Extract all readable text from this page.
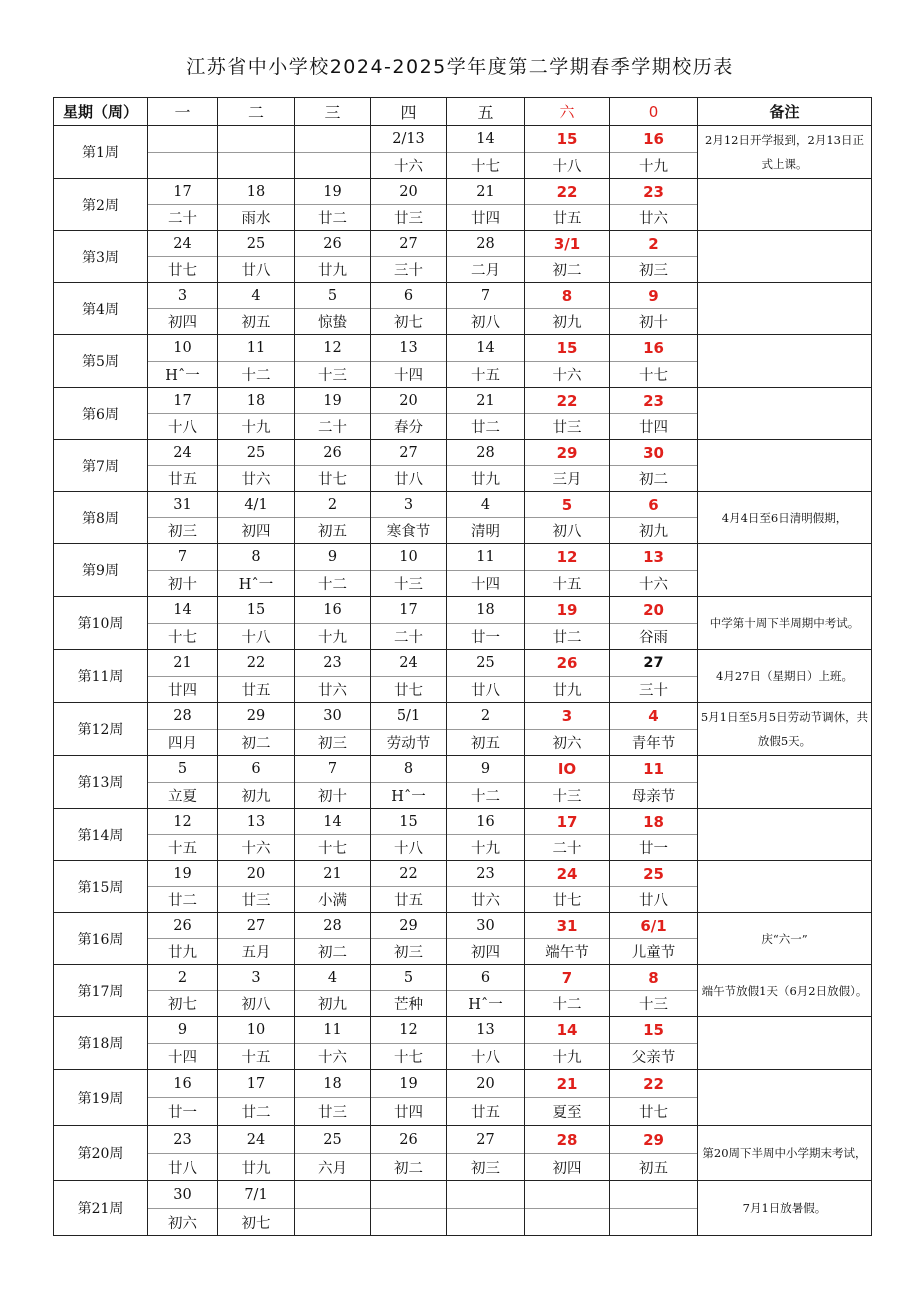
江苏省中小学校2024-2025学年度第二学期春季学期校历表
星期（周）	一	二	三	四	五	六	0	备注
第1周				2/13	14	15	16	2月12日开学报到，2月13日正式上课。
				十六	十七	十八	十九	
第2周	17	18	19	20	21	22	23	
	二十	雨水	廿二	廿三	廿四	廿五	廿六	
第3周	24	25	26	27	28	3/1	2	
	廿七	廿八	廿九	三十	二月	初二	初三	
第4周	3	4	5	6	7	8	9	
	初四	初五	惊蛰	初七	初八	初九	初十	
第5周	10	11	12	13	14	15	16	
	Hˆ一	十二	十三	十四	十五	十六	十七	
第6周	17	18	19	20	21	22	23	
	十八	十九	二十	春分	廿二	廿三	廿四	
第7周	24	25	26	27	28	29	30	
	廿五	廿六	廿七	廿八	廿九	三月	初二	
第8周	31	4/1	2	3	4	5	6	4月4日至6日清明假期，
	初三	初四	初五	寒食节	清明	初八	初九	
第9周	7	8	9	10	11	12	13	
	初十	Hˆ一	十二	十三	十四	十五	十六	
第10周	14	15	16	17	18	19	20	中学第十周下半周期中考试。
	十七	十八	十九	二十	廿一	廿二	谷雨	
第11周	21	22	23	24	25	26	27	4月27日（星期日）上班。
	廿四	廿五	廿六	廿七	廿八	廿九	三十	
第12周	28	29	30	5/1	2	3	4	5月1日至5月5日劳动节调休，共放假5天。
	四月	初二	初三	劳动节	初五	初六	青年节	
第13周	5	6	7	8	9	IO	11	
	立夏	初九	初十	Hˆ一	十二	十三	母亲节	
第14周	12	13	14	15	16	17	18	
	十五	十六	十七	十八	十九	二十	廿一	
第15周	19	20	21	22	23	24	25	
	廿二	廿三	小满	廿五	廿六	廿七	廿八	
第16周	26	27	28	29	30	31	6/1	庆“六一”
	廿九	五月	初二	初三	初四	端午节	儿童节	
第17周	2	3	4	5	6	7	8	端午节放假1天（6月2日放假）。
	初七	初八	初九	芒种	Hˆ一	十二	十三	
第18周	9	10	11	12	13	14	15	
	十四	十五	十六	十七	十八	十九	父亲节	
第19周	16	17	18	19	20	21	22	
	廿一	廿二	廿三	廿四	廿五	夏至	廿七	
第20周	23	24	25	26	27	28	29	第20周下半周中小学期末考试，
	廿八	廿九	六月	初二	初三	初四	初五	
第21周	30	7/1						7月1日放暑假。
	初六	初七						
